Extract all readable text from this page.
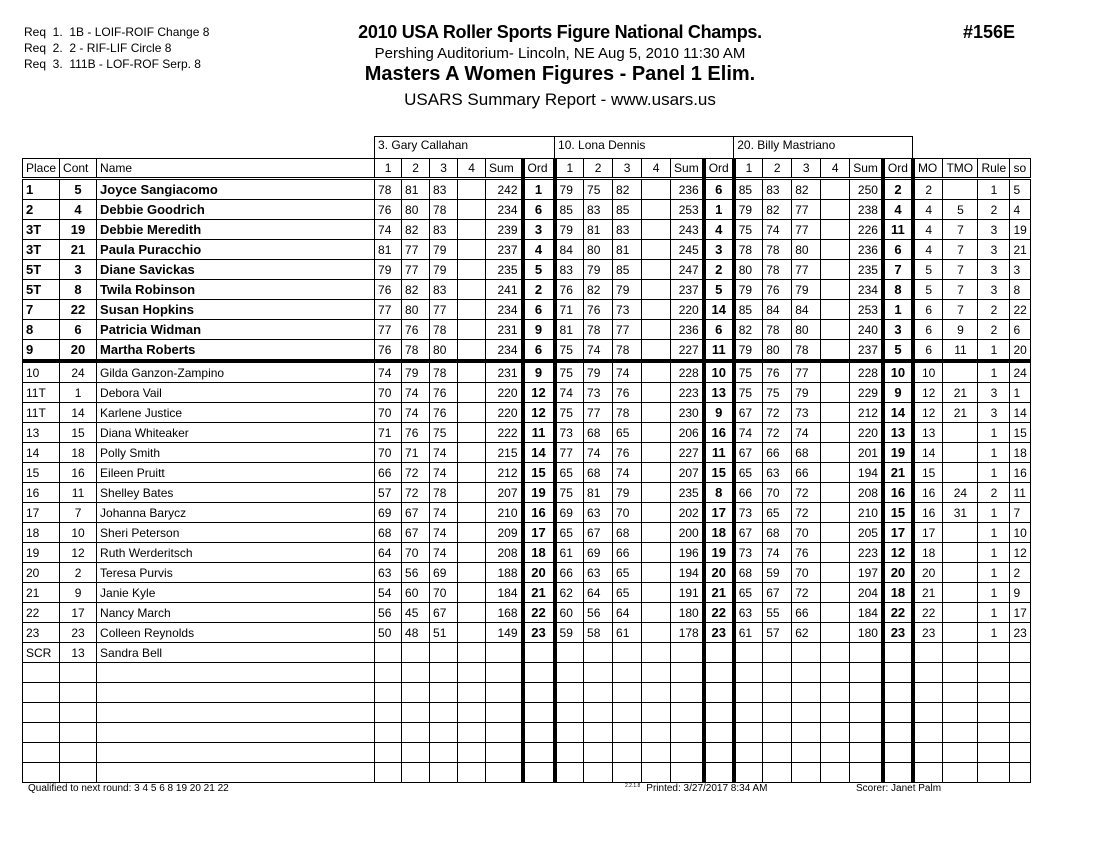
Req  1.  1B - LOIF-ROIF Change 8
Req  2.  2 - RIF-LIF Circle 8
Req  3.  111B - LOF-ROF Serp. 8
2010 USA Roller Sports Figure National Champs.
Pershing Auditorium- Lincoln, NE Aug 5, 2010 11:30 AM
Masters A Women Figures - Panel 1 Elim.
USARS Summary Report - www.usars.us
#156E
			3. Gary Callahan						10. Lona Dennis						20. Billy Mastriano									
Place	Cont	Name	1	2	3	4	Sum	Ord	1	2	3	4	Sum	Ord	1	2	3	4	Sum	Ord	MO	TMO	Rule	so
1	5	Joyce Sangiacomo	78	81	83		242	1	79	75	82		236	6	85	83	82		250	2	2		1	5
2	4	Debbie Goodrich	76	80	78		234	6	85	83	85		253	1	79	82	77		238	4	4	5	2	4
3T	19	Debbie Meredith	74	82	83		239	3	79	81	83		243	4	75	74	77		226	11	4	7	3	19
3T	21	Paula Puracchio	81	77	79		237	4	84	80	81		245	3	78	78	80		236	6	4	7	3	21
5T	3	Diane Savickas	79	77	79		235	5	83	79	85		247	2	80	78	77		235	7	5	7	3	3
5T	8	Twila Robinson	76	82	83		241	2	76	82	79		237	5	79	76	79		234	8	5	7	3	8
7	22	Susan Hopkins	77	80	77		234	6	71	76	73		220	14	85	84	84		253	1	6	7	2	22
8	6	Patricia Widman	77	76	78		231	9	81	78	77		236	6	82	78	80		240	3	6	9	2	6
9	20	Martha Roberts	76	78	80		234	6	75	74	78		227	11	79	80	78		237	5	6	11	1	20
10	24	Gilda Ganzon-Zampino	74	79	78		231	9	75	79	74		228	10	75	76	77		228	10	10		1	24
11T	1	Debora Vail	70	74	76		220	12	74	73	76		223	13	75	75	79		229	9	12	21	3	1
11T	14	Karlene Justice	70	74	76		220	12	75	77	78		230	9	67	72	73		212	14	12	21	3	14
13	15	Diana Whiteaker	71	76	75		222	11	73	68	65		206	16	74	72	74		220	13	13		1	15
14	18	Polly Smith	70	71	74		215	14	77	74	76		227	11	67	66	68		201	19	14		1	18
15	16	Eileen Pruitt	66	72	74		212	15	65	68	74		207	15	65	63	66		194	21	15		1	16
16	11	Shelley Bates	57	72	78		207	19	75	81	79		235	8	66	70	72		208	16	16	24	2	11
17	7	Johanna Barycz	69	67	74		210	16	69	63	70		202	17	73	65	72		210	15	16	31	1	7
18	10	Sheri Peterson	68	67	74		209	17	65	67	68		200	18	67	68	70		205	17	17		1	10
19	12	Ruth Werderitsch	64	70	74		208	18	61	69	66		196	19	73	74	76		223	12	18		1	12
20	2	Teresa Purvis	63	56	69		188	20	66	63	65		194	20	68	59	70		197	20	20		1	2
21	9	Janie Kyle	54	60	70		184	21	62	64	65		191	21	65	67	72		204	18	21		1	9
22	17	Nancy March	56	45	67		168	22	60	56	64		180	22	63	55	66		184	22	22		1	17
23	23	Colleen Reynolds	50	48	51		149	23	59	58	61		178	23	61	57	62		180	23	23		1	23
SCR	13	Sandra Bell																						

Qualified to next round: 3 4 5 6 8 19 20 21 22	$^{2.2.1.8}$ Printed: 3/27/2017 8:34 AM	Scorer: Janet Palm
